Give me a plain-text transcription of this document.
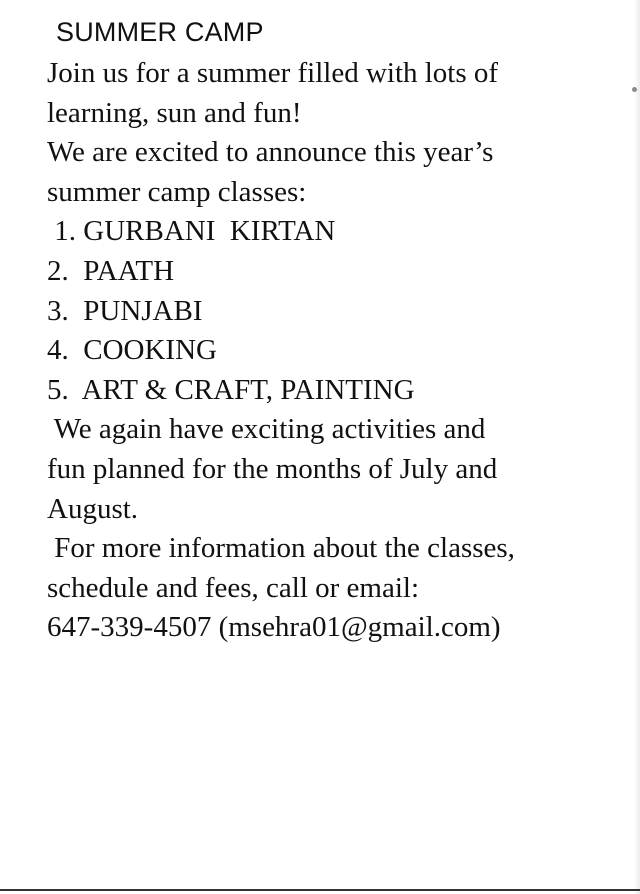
SUMMER CAMP
Join us for a summer filled with lots of
learning, sun and fun!
We are excited to announce this year’s
summer camp classes:
1. GURBANI  KIRTAN
2.  PAATH
3.  PUNJABI
4.  COOKING
5.  ART & CRAFT, PAINTING
We again have exciting activities and
fun planned for the months of July and
August.
For more information about the classes,
schedule and fees, call or email:
647-339-4507 (msehra01@gmail.com)
